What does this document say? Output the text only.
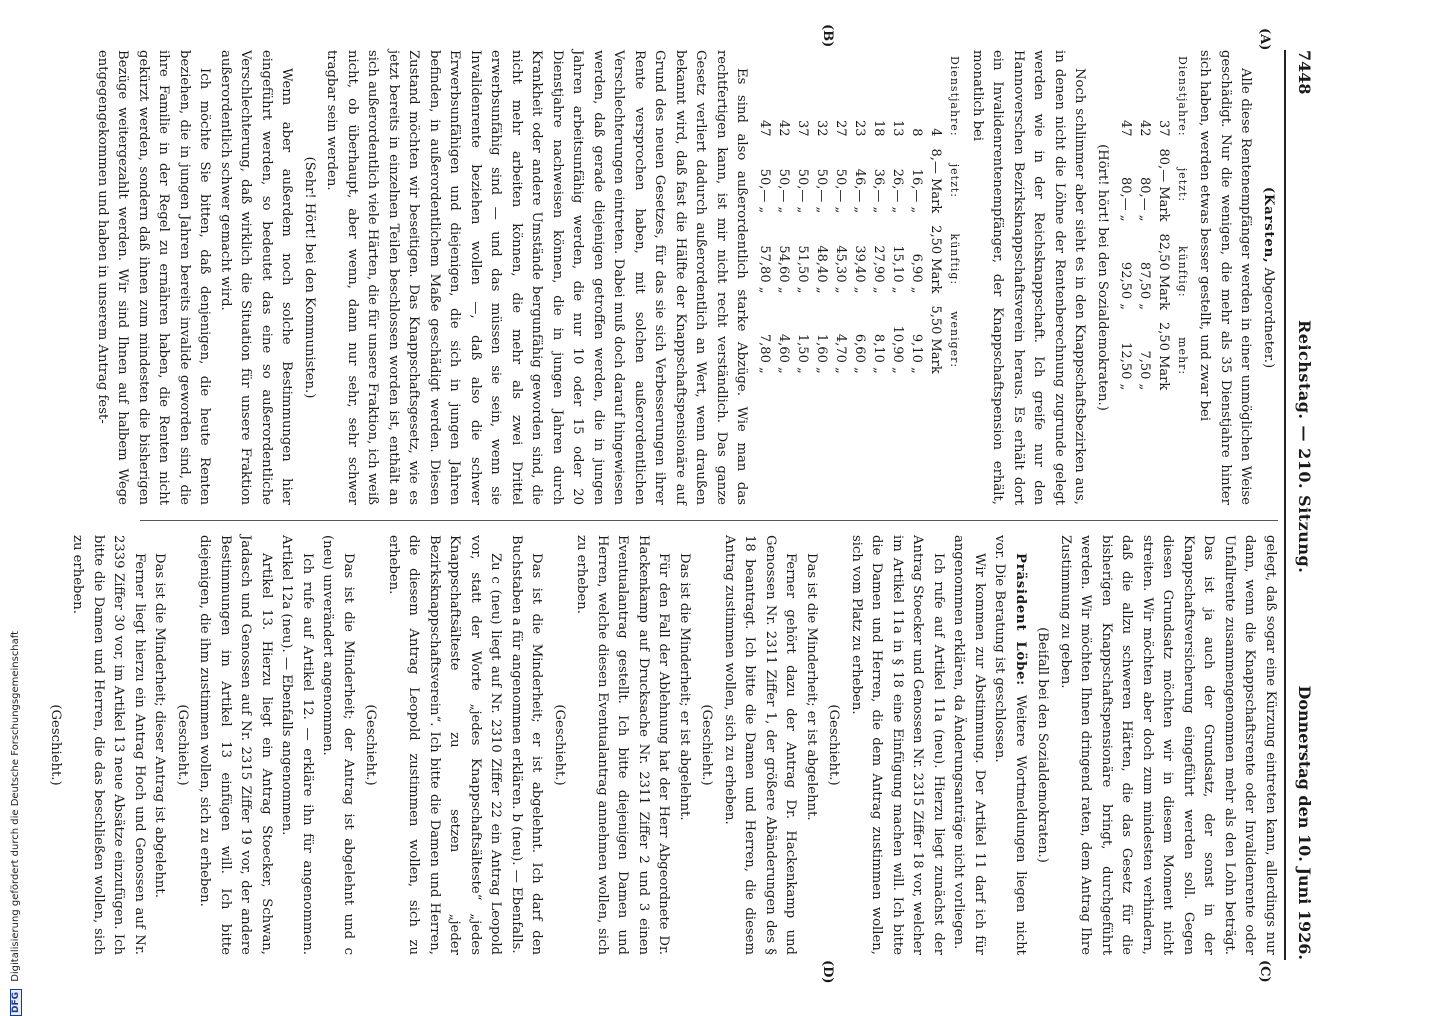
7448
Reichstag. — 210. Sitzung.
Donnerstag den 10. Juni 1926.
(A)
(B)
(C)
(D)

(Karsten, Abgeordneter.)

Alle diese Rentenempfänger werden in einer unmöglichen Weise geschädigt. Nur die wenigen, die mehr als 35 Dienstjahre hinter sich haben, werden etwas besser gestellt, und zwar bei

Dienstjahre:	jetzt:	künftig:	mehr:
37	80,— Mark	82,50 Mark	2,50 Mark
42	80,— „	87,50 „	7,50 „
47	80,— „	92,50 „	12,50 „

(Hört! hört! bei den Sozialdemokraten.)

Noch schlimmer aber sieht es in den Knappschaftsbezirken aus, in denen nicht die Löhne der Rentenberechnung zugrunde gelegt werden wie in der Reichsknappschaft. Ich greife nur den Hannoverschen Bezirksknappschaftsverein heraus. Es erhält dort ein Invalidenrentenempfänger, der Knappschaftspension erhält, monatlich bei

Dienstjahre:	jetzt:	künftig:	weniger:
4	8,— Mark	2,50 Mark	5,50 Mark
8	16,— „	6,90 „	9,10 „
13	26,— „	15,10 „	10,90 „
18	36,— „	27,90 „	8,10 „
23	46,— „	39,40 „	6,60 „
27	50,— „	45,30 „	4,70 „
32	50,— „	48,40 „	1,60 „
37	50,— „	51,50 „	1,50 „
42	50,— „	54,60 „	4,60 „
47	50,— „	57,80 „	7,80 „

Es sind also außerordentlich starke Abzüge. Wie man das rechtfertigen kann, ist mir nicht recht verständlich. Das ganze Gesetz verliert dadurch außerordentlich an Wert, wenn draußen bekannt wird, daß fast die Hälfte der Knappschaftspensionäre auf Grund des neuen Gesetzes, für das sie sich Verbesserungen ihrer Rente versprochen haben, mit solchen außerordentlichen Verschlechterungen eintreten. Dabei muß doch darauf hingewiesen werden, daß gerade diejenigen getroffen werden, die in jungen Jahren arbeitsunfähig werden, die nur 10 oder 15 oder 20 Dienstjahre nachweisen können, die in jungen Jahren durch Krankheit oder andere Umstände bergunfähig geworden sind, die nicht mehr arbeiten können, die mehr als zwei Drittel erwerbsunfähig sind — und das müssen sie sein, wenn sie Invalidenrente beziehen wollen —, daß also die schwer Erwerbsunfähigen und diejenigen, die sich in jungen Jahren befinden, in außerordentlichem Maße geschädigt werden. Diesen Zustand möchten wir beseitigen. Das Knappschaftsgesetz, wie es jetzt bereits in einzelnen Teilen beschlossen worden ist, enthält an sich außerordentlich viele Härten, die für unsere Fraktion, ich weiß nicht, ob überhaupt, aber wenn, dann nur sehr, sehr schwer tragbar sein werden.

(Sehr! Hört! bei den Kommunisten.)

Wenn aber außerdem noch solche Bestimmungen hier eingeführt werden, so bedeutet das eine so außerordentliche Verschlechterung, daß wirklich die Situation für unsere Fraktion außerordentlich schwer gemacht wird.

Ich möchte Sie bitten, daß denjenigen, die heute Renten beziehen, die in jungen Jahren bereits invalide geworden sind, die ihre Familie in der Regel zu ernähren haben, die Renten nicht gekürzt werden, sondern daß ihnen zum mindesten die bisherigen Bezüge weitergezahlt werden. Wir sind Ihnen auf halbem Wege entgegengekommen und haben in unserem Antrag fest-

gelegt, daß sogar eine Kürzung eintreten kann, allerdings nur dann, wenn die Knappschaftsrente oder Invalidenrente oder Unfallrente zusammengenommen mehr als den Lohn beträgt. Das ist ja auch der Grundsatz, der sonst in der Knappschaftsversicherung eingeführt werden soll. Gegen diesen Grundsatz möchten wir in diesem Moment nicht streiten. Wir möchten aber doch zum mindesten verhindern, daß die allzu schweren Härten, die das Gesetz für die bisherigen Knappschaftspensionäre bringt, durchgeführt werden. Wir möchten Ihnen dringend raten, dem Antrag Ihre Zustimmung zu geben.

(Beifall bei den Sozialdemokraten.)

Präsident Löbe: Weitere Wortmeldungen liegen nicht vor. Die Beratung ist geschlossen.

Wir kommen zur Abstimmung. Der Artikel 11 darf ich für angenommen erklären, da Änderungsanträge nicht vorliegen.

Ich rufe auf Artikel 11a (neu). Hierzu liegt zunächst der Antrag Stoecker und Genossen Nr. 2315 Ziffer 18 vor, welcher im Artikel 11a in § 18 eine Einfügung machen will. Ich bitte die Damen und Herren, die dem Antrag zustimmen wollen, sich vom Platz zu erheben.

(Geschieht.)

Das ist die Minderheit; er ist abgelehnt.

Ferner gehört dazu der Antrag Dr. Hackenkamp und Genossen Nr. 2311 Ziffer 1, der größere Abänderungen des § 18 beantragt. Ich bitte die Damen und Herren, die diesem Antrag zustimmen wollen, sich zu erheben.

(Geschieht.)

Das ist die Minderheit; er ist abgelehnt.

Für den Fall der Ablehnung hat der Herr Abgeordnete Dr. Hackenkamp auf Drucksache Nr. 2311 Ziffer 2 und 3 einen Eventualantrag gestellt. Ich bitte diejenigen Damen und Herren, welche diesen Eventualantrag annehmen wollen, sich zu erheben.

(Geschieht.)

Das ist die Minderheit; er ist abgelehnt. Ich darf den Buchstaben a für angenommen erklären. b (neu). — Ebenfalls.

Zu c (neu) liegt auf Nr. 2310 Ziffer 22 ein Antrag Leopold vor, statt der Worte „jedes Knappschaftsälteste“ „jedes Knappschaftsälteste zu setzen „jeder Bezirksknappschaftsverein“. Ich bitte die Damen und Herren, die diesem Antrag Leopold zustimmen wollen, sich zu erheben.

(Geschieht.)

Das ist die Minderheit; der Antrag ist abgelehnt und c (neu) unverändert angenommen.

Ich rufe auf Artikel 12. — erkläre ihn für angenommen. Artikel 12a (neu). — Ebenfalls angenommen.

Artikel 13. Hierzu liegt ein Antrag Stoecker, Schwan, Jadasch und Genossen auf Nr. 2315 Ziffer 19 vor, der andere Bestimmungen im Artikel 13 einfügen will. Ich bitte diejenigen, die ihm zustimmen wollen, sich zu erheben.

(Geschieht.)

Das ist die Minderheit; dieser Antrag ist abgelehnt.

Ferner liegt hierzu ein Antrag Hoch und Genossen auf Nr. 2339 Ziffer 30 vor, im Artikel 13 neue Absätze einzufügen. Ich bitte die Damen und Herren, die das beschließen wollen, sich zu erheben.

(Geschieht.)

DFG Digitalisierung gefördert durch die Deutsche Forschungsgemeinschaft
